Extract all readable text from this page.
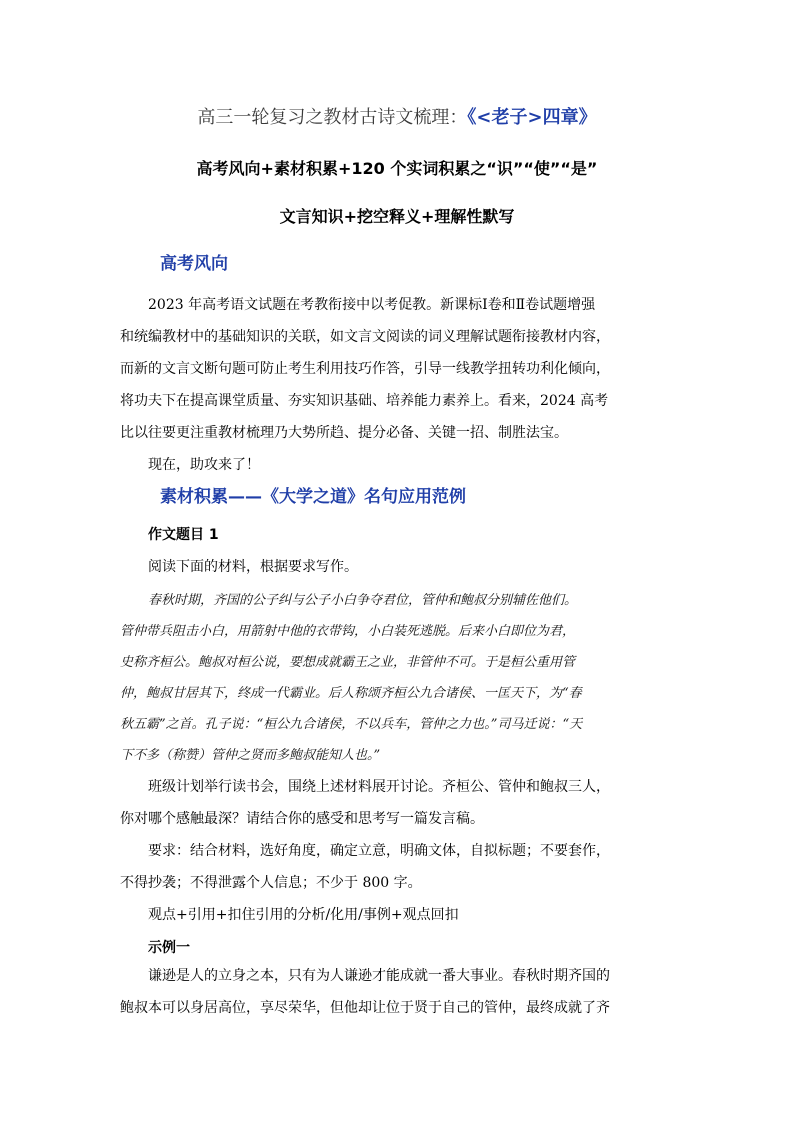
高三一轮复习之教材古诗文梳理：《<老子>四章》
高考风向+素材积累+120 个实词积累之“识”“使”“是”
文言知识+挖空释义+理解性默写
高考风向

2023 年高考语文试题在考教衔接中以考促教。新课标Ⅰ卷和Ⅱ卷试题增强

和统编教材中的基础知识的关联，如文言文阅读的词义理解试题衔接教材内容，

而新的文言文断句题可防止考生利用技巧作答，引导一线教学扭转功利化倾向，

将功夫下在提高课堂质量、夯实知识基础、培养能力素养上。看来，2024 高考

比以往要更注重教材梳理乃大势所趋、提分必备、关键一招、制胜法宝。

现在，助攻来了！

素材积累——《大学之道》名句应用范例
作文题目 1
阅读下面的材料，根据要求写作。

春秋时期，齐国的公子纠与公子小白争夺君位，管仲和鲍叔分别辅佐他们。

管仲带兵阻击小白，用箭射中他的衣带钩，小白装死逃脱。后来小白即位为君，

史称齐桓公。鲍叔对桓公说，要想成就霸王之业，非管仲不可。于是桓公重用管

仲，鲍叔甘居其下，终成一代霸业。后人称颂齐桓公九合诸侯、一匡天下，为“春

秋五霸”之首。孔子说：“桓公九合诸侯，不以兵车，管仲之力也。”司马迁说：“天

下不多（称赞）管仲之贤而多鲍叔能知人也。”

班级计划举行读书会，围绕上述材料展开讨论。齐桓公、管仲和鲍叔三人，

你对哪个感触最深？请结合你的感受和思考写一篇发言稿。

要求：结合材料，选好角度，确定立意，明确文体，自拟标题；不要套作，

不得抄袭；不得泄露个人信息；不少于 800 字。

观点+引用+扣住引用的分析/化用/事例+观点回扣

示例一

谦逊是人的立身之本，只有为人谦逊才能成就一番大事业。春秋时期齐国的

鲍叔本可以身居高位，享尽荣华，但他却让位于贤于自己的管仲，最终成就了齐
